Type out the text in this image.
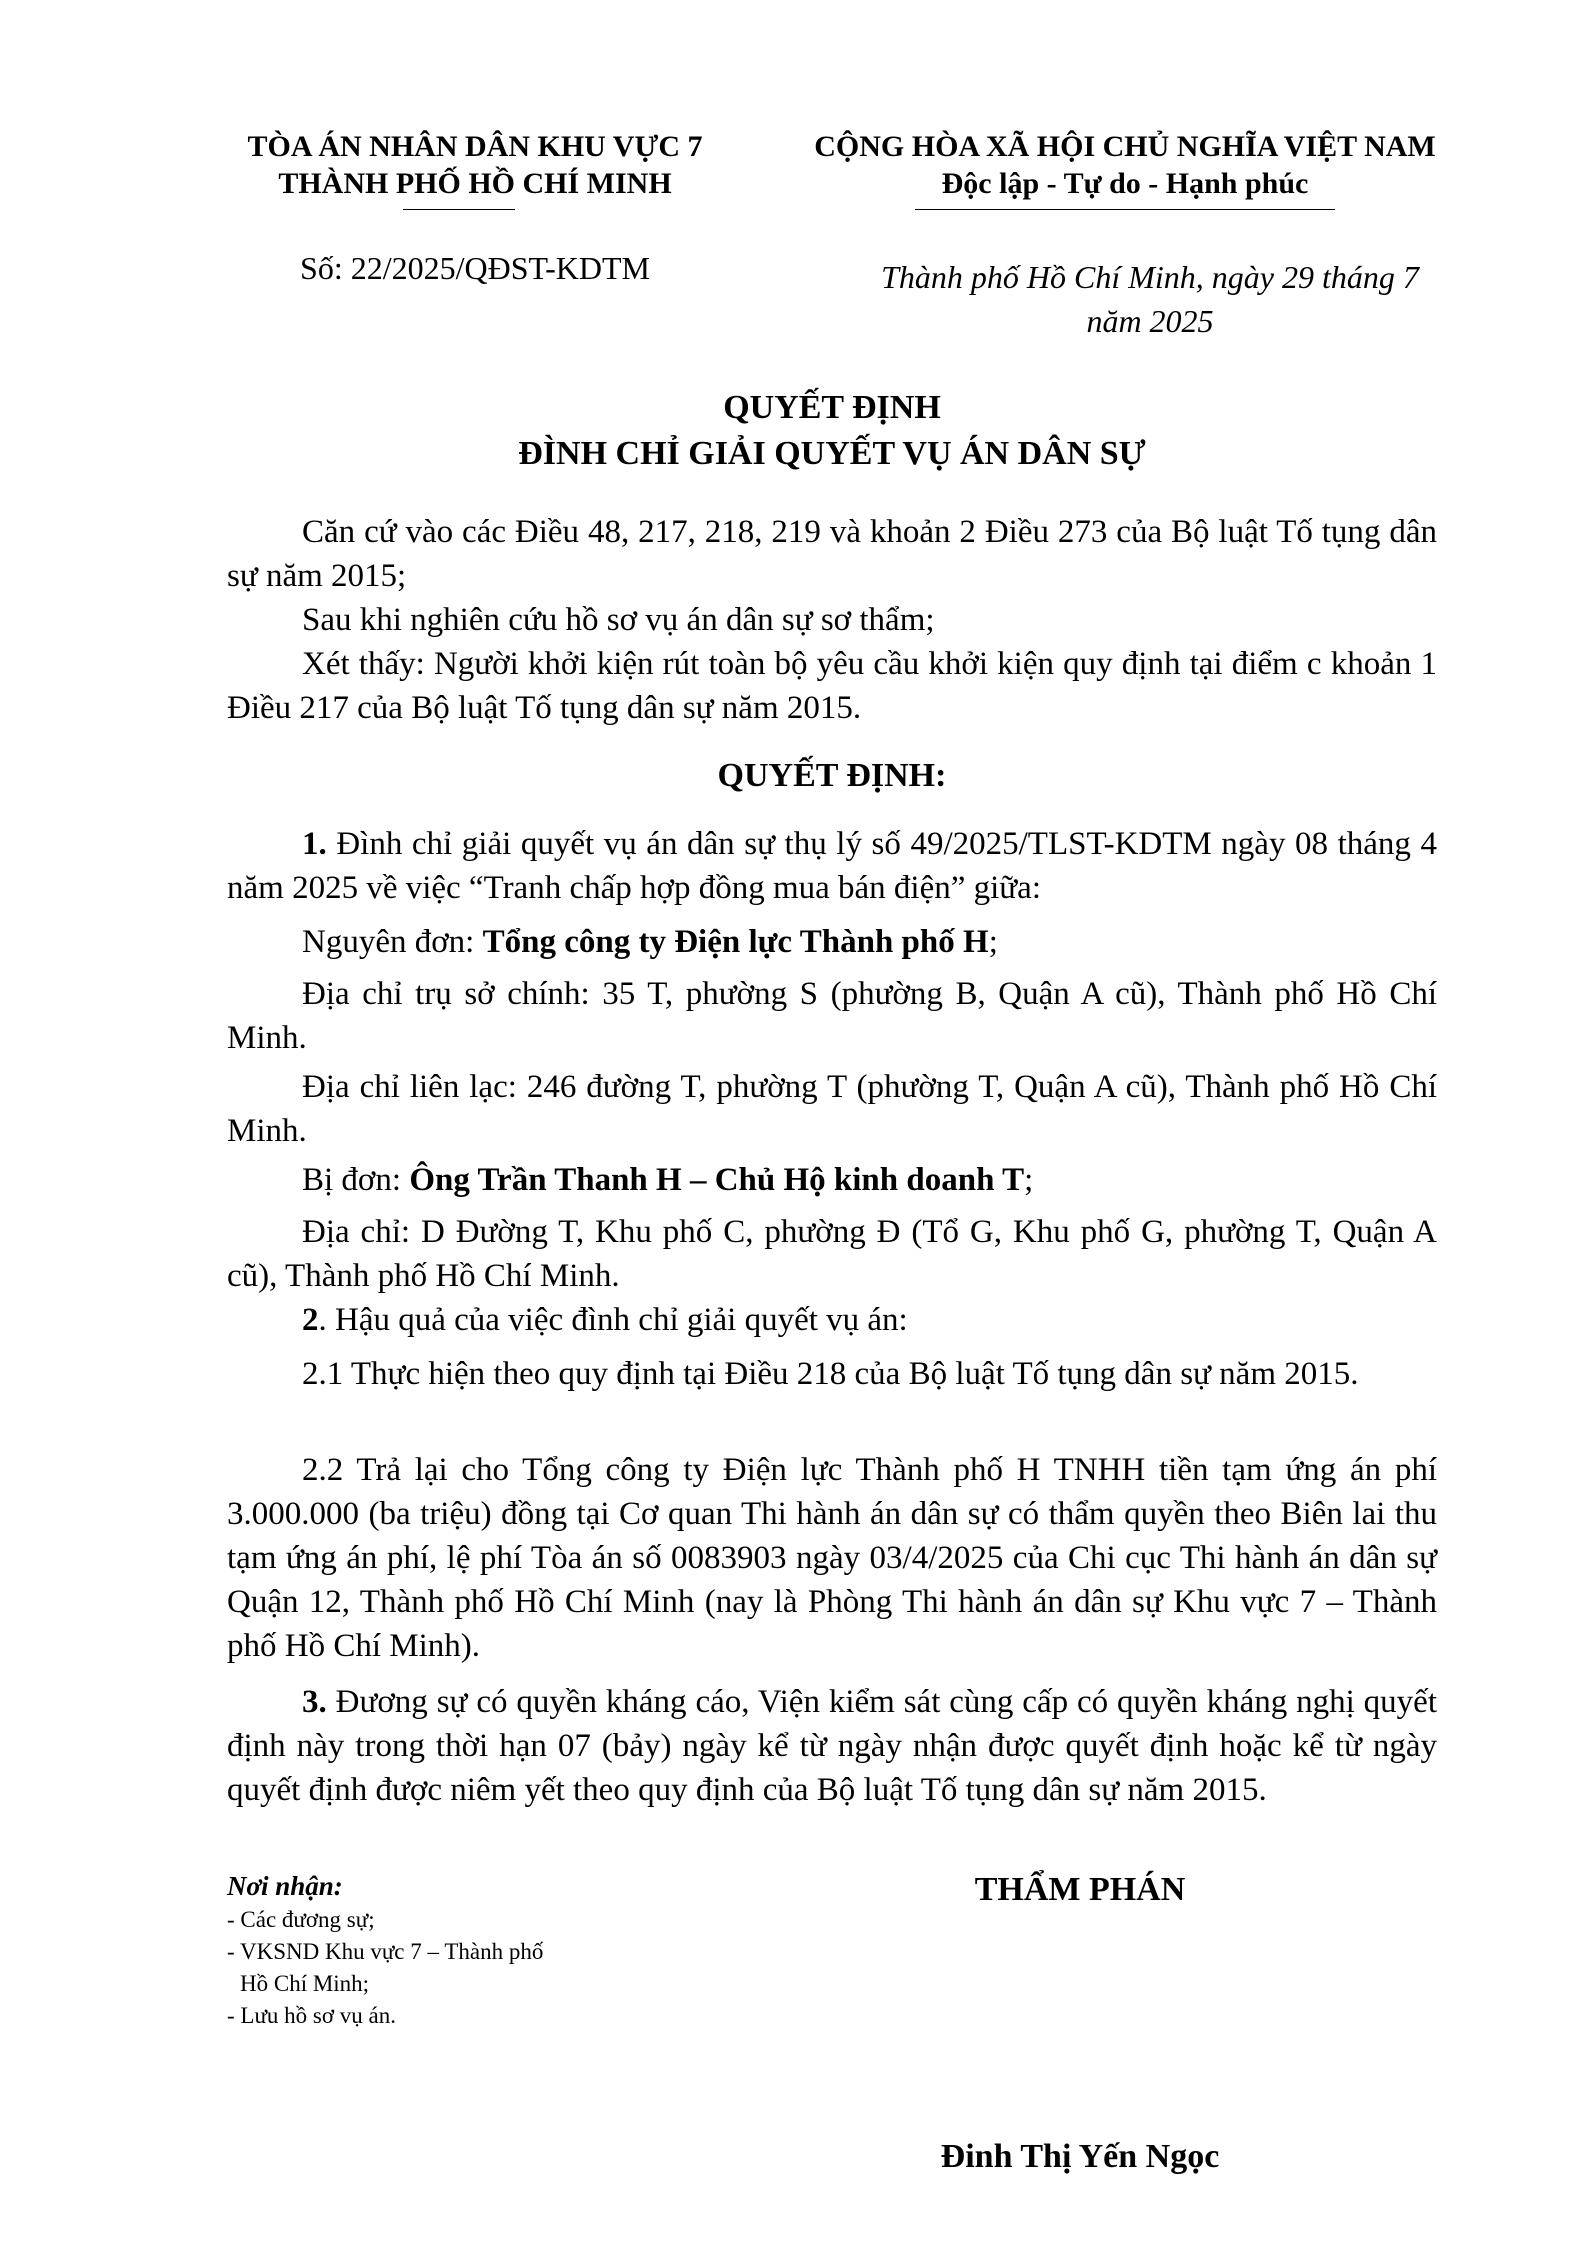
TÒA ÁN NHÂN DÂN KHU VỰC 7
THÀNH PHỐ HỒ CHÍ MINH
CỘNG HÒA XÃ HỘI CHỦ NGHĨA VIỆT NAM
Độc lập - Tự do - Hạnh phúc
Số: 22/2025/QĐST-KDTM	Thành phố Hồ Chí Minh, ngày 29 tháng 7
năm 2025
QUYẾT ĐỊNH
ĐÌNH CHỈ GIẢI QUYẾT VỤ ÁN DÂN SỰ

Căn cứ vào các Điều 48, 217, 218, 219 và khoản 2 Điều 273 của Bộ luật Tố tụng dân sự năm 2015;

Sau khi nghiên cứu hồ sơ vụ án dân sự sơ thẩm;

Xét thấy: Người khởi kiện rút toàn bộ yêu cầu khởi kiện quy định tại điểm c khoản 1 Điều 217 của Bộ luật Tố tụng dân sự năm 2015.

QUYẾT ĐỊNH:

1. Đình chỉ giải quyết vụ án dân sự thụ lý số 49/2025/TLST-KDTM ngày 08 tháng 4 năm 2025 về việc “Tranh chấp hợp đồng mua bán điện” giữa:

Nguyên đơn: Tổng công ty Điện lực Thành phố H;

Địa chỉ trụ sở chính: 35 T, phường S (phường B, Quận A cũ), Thành phố Hồ Chí Minh.

Địa chỉ liên lạc: 246 đường T, phường T (phường T, Quận A cũ), Thành phố Hồ Chí Minh.

Bị đơn: Ông Trần Thanh H – Chủ Hộ kinh doanh T;

Địa chỉ: D Đường T, Khu phố C, phường Đ (Tổ G, Khu phố G, phường T, Quận A cũ), Thành phố Hồ Chí Minh.

2. Hậu quả của việc đình chỉ giải quyết vụ án:

2.1 Thực hiện theo quy định tại Điều 218 của Bộ luật Tố tụng dân sự năm 2015.

2.2 Trả lại cho Tổng công ty Điện lực Thành phố H TNHH tiền tạm ứng án phí 3.000.000 (ba triệu) đồng tại Cơ quan Thi hành án dân sự có thẩm quyền theo Biên lai thu tạm ứng án phí, lệ phí Tòa án số 0083903 ngày 03/4/2025 của Chi cục Thi hành án dân sự Quận 12, Thành phố Hồ Chí Minh (nay là Phòng Thi hành án dân sự Khu vực 7 – Thành phố Hồ Chí Minh).

3. Đương sự có quyền kháng cáo, Viện kiểm sát cùng cấp có quyền kháng nghị quyết định này trong thời hạn 07 (bảy) ngày kể từ ngày nhận được quyết định hoặc kể từ ngày quyết định được niêm yết theo quy định của Bộ luật Tố tụng dân sự năm 2015.

Nơi nhận:
- Các đương sự;
- VKSND Khu vực 7 – Thành phố
Hồ Chí Minh;
- Lưu hồ sơ vụ án.
THẨM PHÁN
Đinh Thị Yến Ngọc
